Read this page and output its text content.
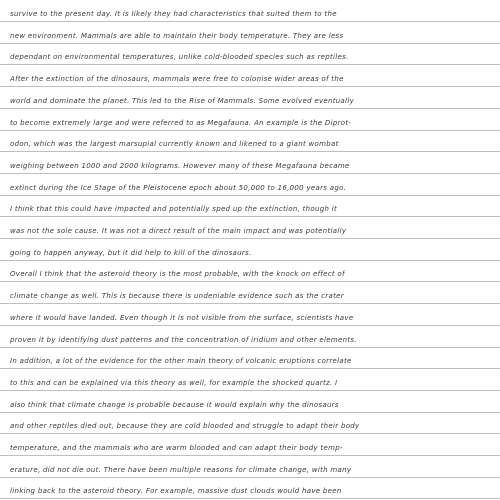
survive to the present day. It is likely they had characteristics that suited them to the
new environment. Mammals are able to maintain their body temperature. They are less
dependant on environmental temperatures, unlike cold-blooded species such as reptiles.
After the extinction of the dinosaurs, mammals were free to colonise wider areas of the
world and dominate the planet. This led to the Rise of Mammals. Some evolved eventually
to become extremely large and were referred to as Megafauna. An example is the Diprot-
odon, which was the largest marsupial currently known and likened to a giant wombat
weighing between 1000 and 2000 kilograms. However many of these Megafauna became
extinct during the Ice Stage of the Pleistocene epoch about 50,000 to 16,000 years ago.
I think that this could have impacted and potentially sped up the extinction, though it
was not the sole cause. It was not a direct result of the main impact and was potentially
going to happen anyway, but it did help to kill of the dinosaurs.
Overall I think that the asteroid theory is the most probable, with the knock on effect of
climate change as well. This is because there is undeniable evidence such as the crater
where it would have landed. Even though it is not visible from the surface, scientists have
proven it by identifying dust patterns and the concentration of iridium and other elements.
In addition, a lot of the evidence for the other main theory of volcanic eruptions correlate
to this and can be explained via this theory as well, for example the shocked quartz. I
also think that climate change is probable because it would explain why the dinosaurs
and other reptiles died out, because they are cold blooded and struggle to adapt their body
temperature, and the mammals who are warm blooded and can adapt their body temp-
erature, did not die out. There have been multiple reasons for climate change, with many
linking back to the asteroid theory. For example, massive dust clouds would have been
